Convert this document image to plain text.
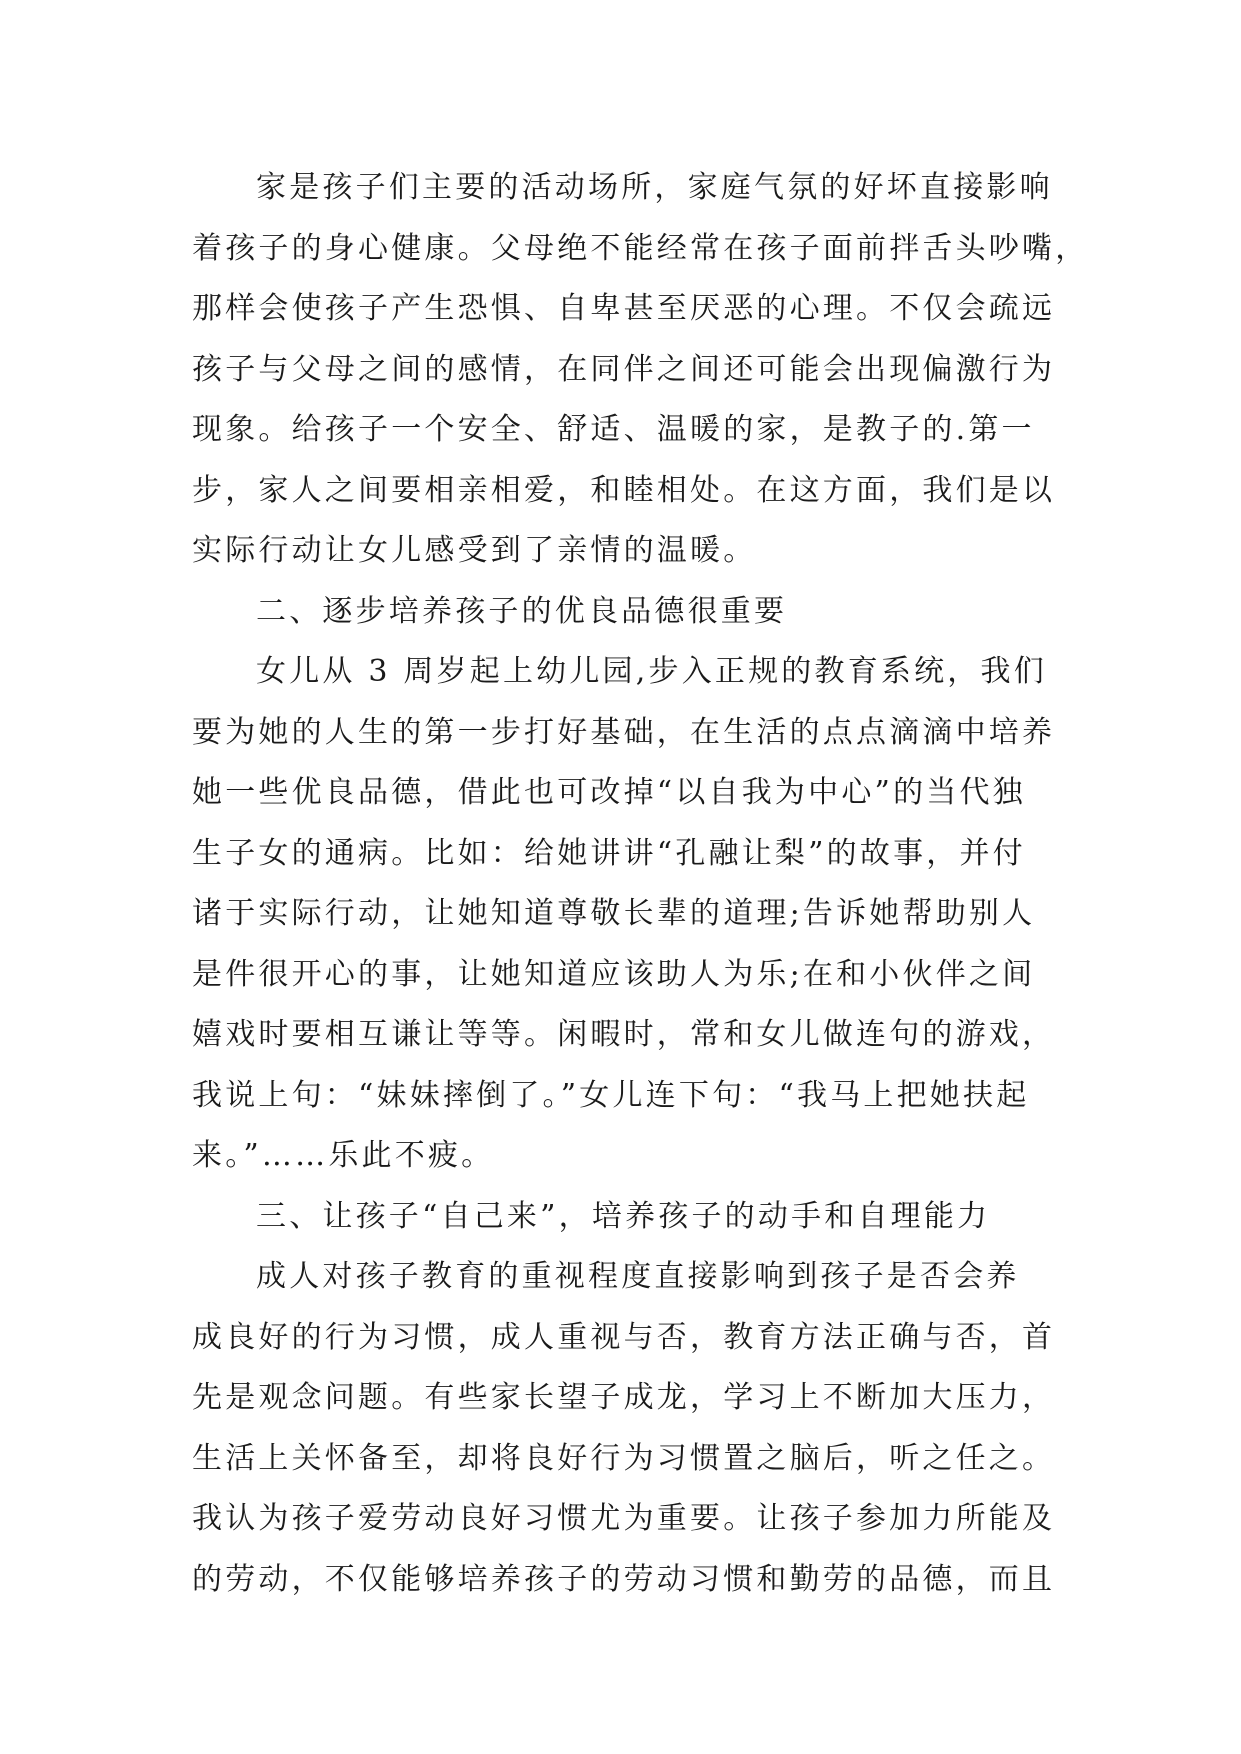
家是孩子们主要的活动场所，家庭气氛的好坏直接影响
着孩子的身心健康。父母绝不能经常在孩子面前拌舌头吵嘴，
那样会使孩子产生恐惧、自卑甚至厌恶的心理。不仅会疏远
孩子与父母之间的感情，在同伴之间还可能会出现偏激行为
现象。给孩子一个安全、舒适、温暖的家，是教子的.第一
步，家人之间要相亲相爱，和睦相处。在这方面，我们是以
实际行动让女儿感受到了亲情的温暖。
二、逐步培养孩子的优良品德很重要
女儿从 3 周岁起上幼儿园,步入正规的教育系统，我们
要为她的人生的第一步打好基础，在生活的点点滴滴中培养
她一些优良品德，借此也可改掉“以自我为中心”的当代独
生子女的通病。比如：给她讲讲“孔融让梨”的故事，并付
诸于实际行动，让她知道尊敬长辈的道理;告诉她帮助别人
是件很开心的事，让她知道应该助人为乐;在和小伙伴之间
嬉戏时要相互谦让等等。闲暇时，常和女儿做连句的游戏，
我说上句：“妹妹摔倒了。”女儿连下句：“我马上把她扶起
来。”……乐此不疲。
三、让孩子“自己来”，培养孩子的动手和自理能力
成人对孩子教育的重视程度直接影响到孩子是否会养
成良好的行为习惯，成人重视与否，教育方法正确与否，首
先是观念问题。有些家长望子成龙，学习上不断加大压力，
生活上关怀备至，却将良好行为习惯置之脑后，听之任之。
我认为孩子爱劳动良好习惯尤为重要。让孩子参加力所能及
的劳动，不仅能够培养孩子的劳动习惯和勤劳的品德，而且
